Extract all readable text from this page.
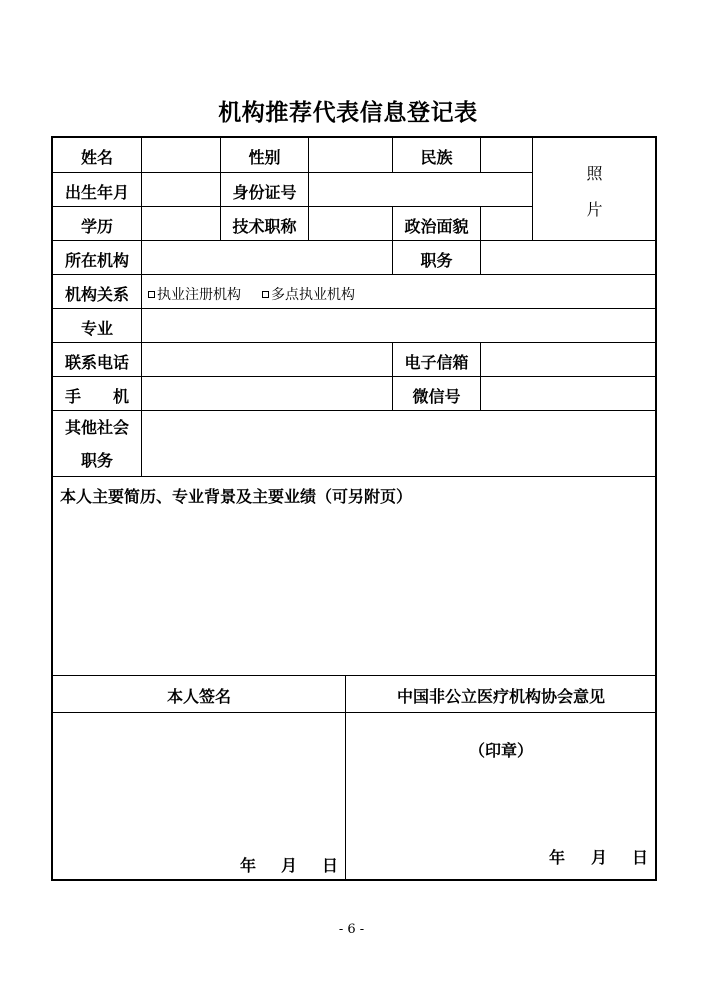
机构推荐代表信息登记表
姓名	性别	民族
照
片
出生年月	身份证号
学历	技术职称	政治面貌
所在机构	职务
机构关系	执业注册机构 多点执业机构
专业
联系电话	电子信箱
手　　机	微信号
其他社会
职务
本人主要简历、专业背景及主要业绩（可另附页）
本人签名	中国非公立医疗机构协会意见
年 月 日
（印章）
年 月 日
- 6 -
